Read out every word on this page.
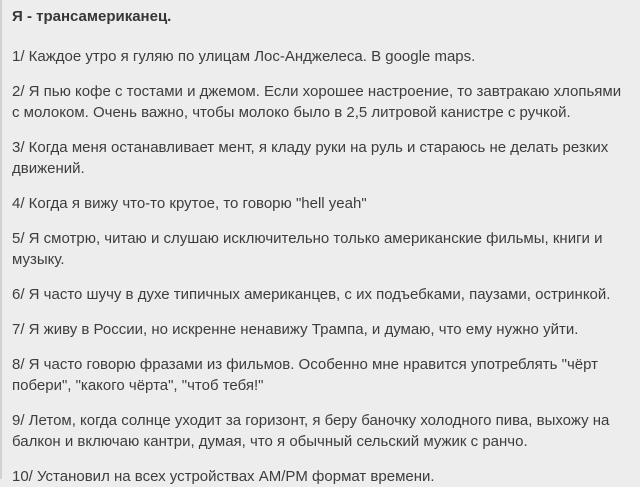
Я - трансамериканец.

1/ Каждое утро я гуляю по улицам Лос-Анджелеса. В google maps.

2/ Я пью кофе с тостами и джемом. Если хорошее настроение, то завтракаю хлопьями с молоком. Очень важно, чтобы молоко было в 2,5 литровой канистре с ручкой.

3/ Когда меня останавливает мент, я кладу руки на руль и стараюсь не делать резких движений.

4/ Когда я вижу что-то крутое, то говорю "hell yeah"

5/ Я смотрю, читаю и слушаю исключительно только американские фильмы, книги и музыку.

6/ Я часто шучу в духе типичных американцев, с их подъебками, паузами, остринкой.

7/ Я живу в России, но искренне ненавижу Трампа, и думаю, что ему нужно уйти.

8/ Я часто говорю фразами из фильмов. Особенно мне нравится употреблять "чёрт побери", "какого чёрта", "чтоб тебя!"

9/ Летом, когда солнце уходит за горизонт, я беру баночку холодного пива, выхожу на балкон и включаю кантри, думая, что я обычный сельский мужик с ранчо.

10/ Установил на всех устройствах AM/PM формат времени.
